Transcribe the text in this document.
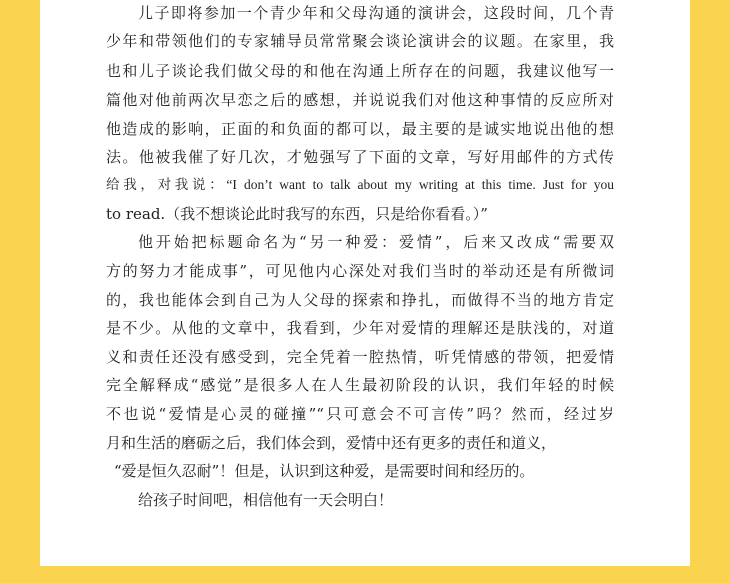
儿子即将参加一个青少年和父母沟通的演讲会，这段时间，几个青
少年和带领他们的专家辅导员常常聚会谈论演讲会的议题。在家里，我
也和儿子谈论我们做父母的和他在沟通上所存在的问题，我建议他写一
篇他对他前两次早恋之后的感想，并说说我们对他这种事情的反应所对
他造成的影响，正面的和负面的都可以，最主要的是诚实地说出他的想
法。他被我催了好几次，才勉强写了下面的文章，写好用邮件的方式传
给我，对我说：“I don’t want to talk about my writing at this time. Just for you
to read.（我不想谈论此时我写的东西，只是给你看看。）”
他开始把标题命名为“另一种爱：爱情”，后来又改成“需要双
方的努力才能成事”，可见他内心深处对我们当时的举动还是有所微词
的，我也能体会到自己为人父母的探索和挣扎，而做得不当的地方肯定
是不少。从他的文章中，我看到，少年对爱情的理解还是肤浅的，对道
义和责任还没有感受到，完全凭着一腔热情，听凭情感的带领，把爱情
完全解释成“感觉”是很多人在人生最初阶段的认识，我们年轻的时候
不也说“爱情是心灵的碰撞”“只可意会不可言传”吗？然而，经过岁
月和生活的磨砺之后，我们体会到，爱情中还有更多的责任和道义，
“爱是恒久忍耐”！但是，认识到这种爱，是需要时间和经历的。
给孩子时间吧，相信他有一天会明白！
